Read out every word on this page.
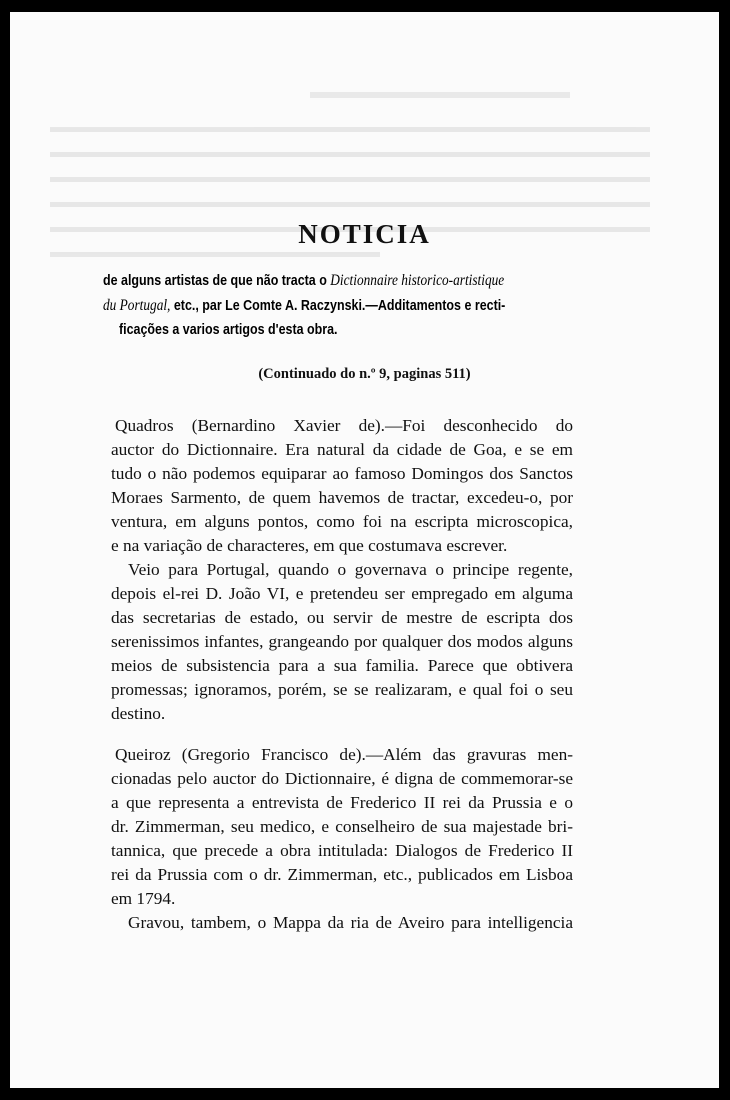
NOTICIA
de alguns artistas de que não tracta o Dictionnaire historico-artistique
du Portugal, etc., par Le Comte A. Raczynski.—Additamentos e recti-
ficações a varios artigos d'esta obra.
(Continuado do n.º 9, paginas 511)
Quadros (Bernardino Xavier de).—Foi desconhecido do
auctor do Dictionnaire. Era natural da cidade de Goa, e se em
tudo o não podemos equiparar ao famoso Domingos dos Sanctos
Moraes Sarmento, de quem havemos de tractar, excedeu-o, por
ventura, em alguns pontos, como foi na escripta microscopica,
e na variação de characteres, em que costumava escrever.
Veio para Portugal, quando o governava o principe regente,
depois el-rei D. João VI, e pretendeu ser empregado em alguma
das secretarias de estado, ou servir de mestre de escripta dos
serenissimos infantes, grangeando por qualquer dos modos alguns
meios de subsistencia para a sua familia. Parece que obtivera
promessas; ignoramos, porém, se se realizaram, e qual foi o seu
destino.
Queiroz (Gregorio Francisco de).—Além das gravuras men-
cionadas pelo auctor do Dictionnaire, é digna de commemorar-se
a que representa a entrevista de Frederico II rei da Prussia e o
dr. Zimmerman, seu medico, e conselheiro de sua majestade bri-
tannica, que precede a obra intitulada: Dialogos de Frederico II
rei da Prussia com o dr. Zimmerman, etc., publicados em Lisboa
em 1794.
Gravou, tambem, o Mappa da ria de Aveiro para intelligencia
